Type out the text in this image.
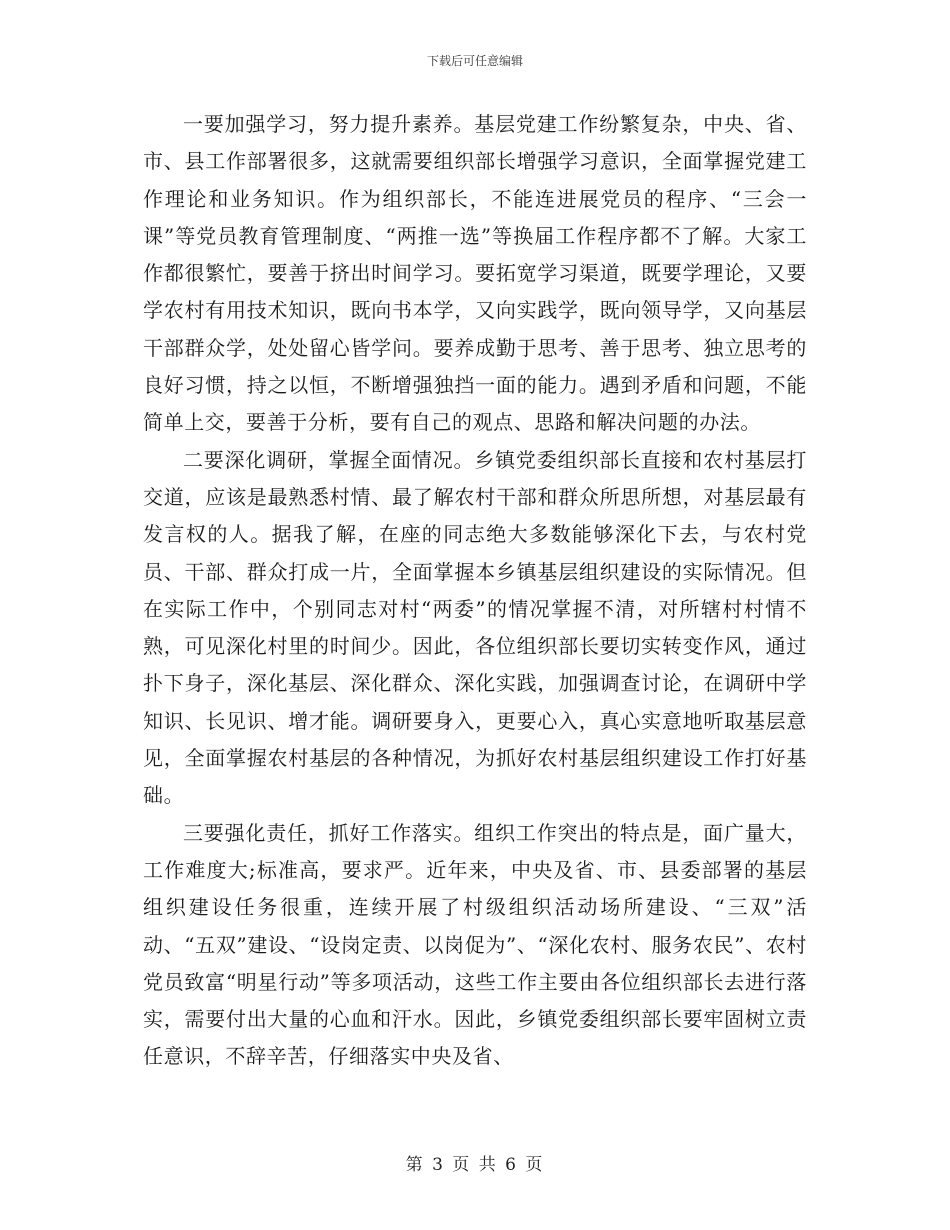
下载后可任意编辑

一要加强学习，努力提升素养。基层党建工作纷繁复杂，中央、省、市、县工作部署很多，这就需要组织部长增强学习意识，全面掌握党建工作理论和业务知识。作为组织部长，不能连进展党员的程序、“三会一课”等党员教育管理制度、“两推一选”等换届工作程序都不了解。大家工作都很繁忙，要善于挤出时间学习。要拓宽学习渠道，既要学理论，又要学农村有用技术知识，既向书本学，又向实践学，既向领导学，又向基层干部群众学，处处留心皆学问。要养成勤于思考、善于思考、独立思考的良好习惯，持之以恒，不断增强独挡一面的能力。遇到矛盾和问题，不能简单上交，要善于分析，要有自己的观点、思路和解决问题的办法。

二要深化调研，掌握全面情况。乡镇党委组织部长直接和农村基层打交道，应该是最熟悉村情、最了解农村干部和群众所思所想，对基层最有发言权的人。据我了解，在座的同志绝大多数能够深化下去，与农村党员、干部、群众打成一片，全面掌握本乡镇基层组织建设的实际情况。但在实际工作中，个别同志对村“两委”的情况掌握不清，对所辖村村情不熟，可见深化村里的时间少。因此，各位组织部长要切实转变作风，通过扑下身子，深化基层、深化群众、深化实践，加强调查讨论，在调研中学知识、长见识、增才能。调研要身入，更要心入，真心实意地听取基层意见，全面掌握农村基层的各种情况，为抓好农村基层组织建设工作打好基础。

三要强化责任，抓好工作落实。组织工作突出的特点是，面广量大，工作难度大;标准高，要求严。近年来，中央及省、市、县委部署的基层组织建设任务很重，连续开展了村级组织活动场所建设、“三双”活动、“五双”建设、“设岗定责、以岗促为”、“深化农村、服务农民”、农村党员致富“明星行动”等多项活动，这些工作主要由各位组织部长去进行落实，需要付出大量的心血和汗水。因此，乡镇党委组织部长要牢固树立责任意识，不辞辛苦，仔细落实中央及省、

第 3 页 共 6 页
